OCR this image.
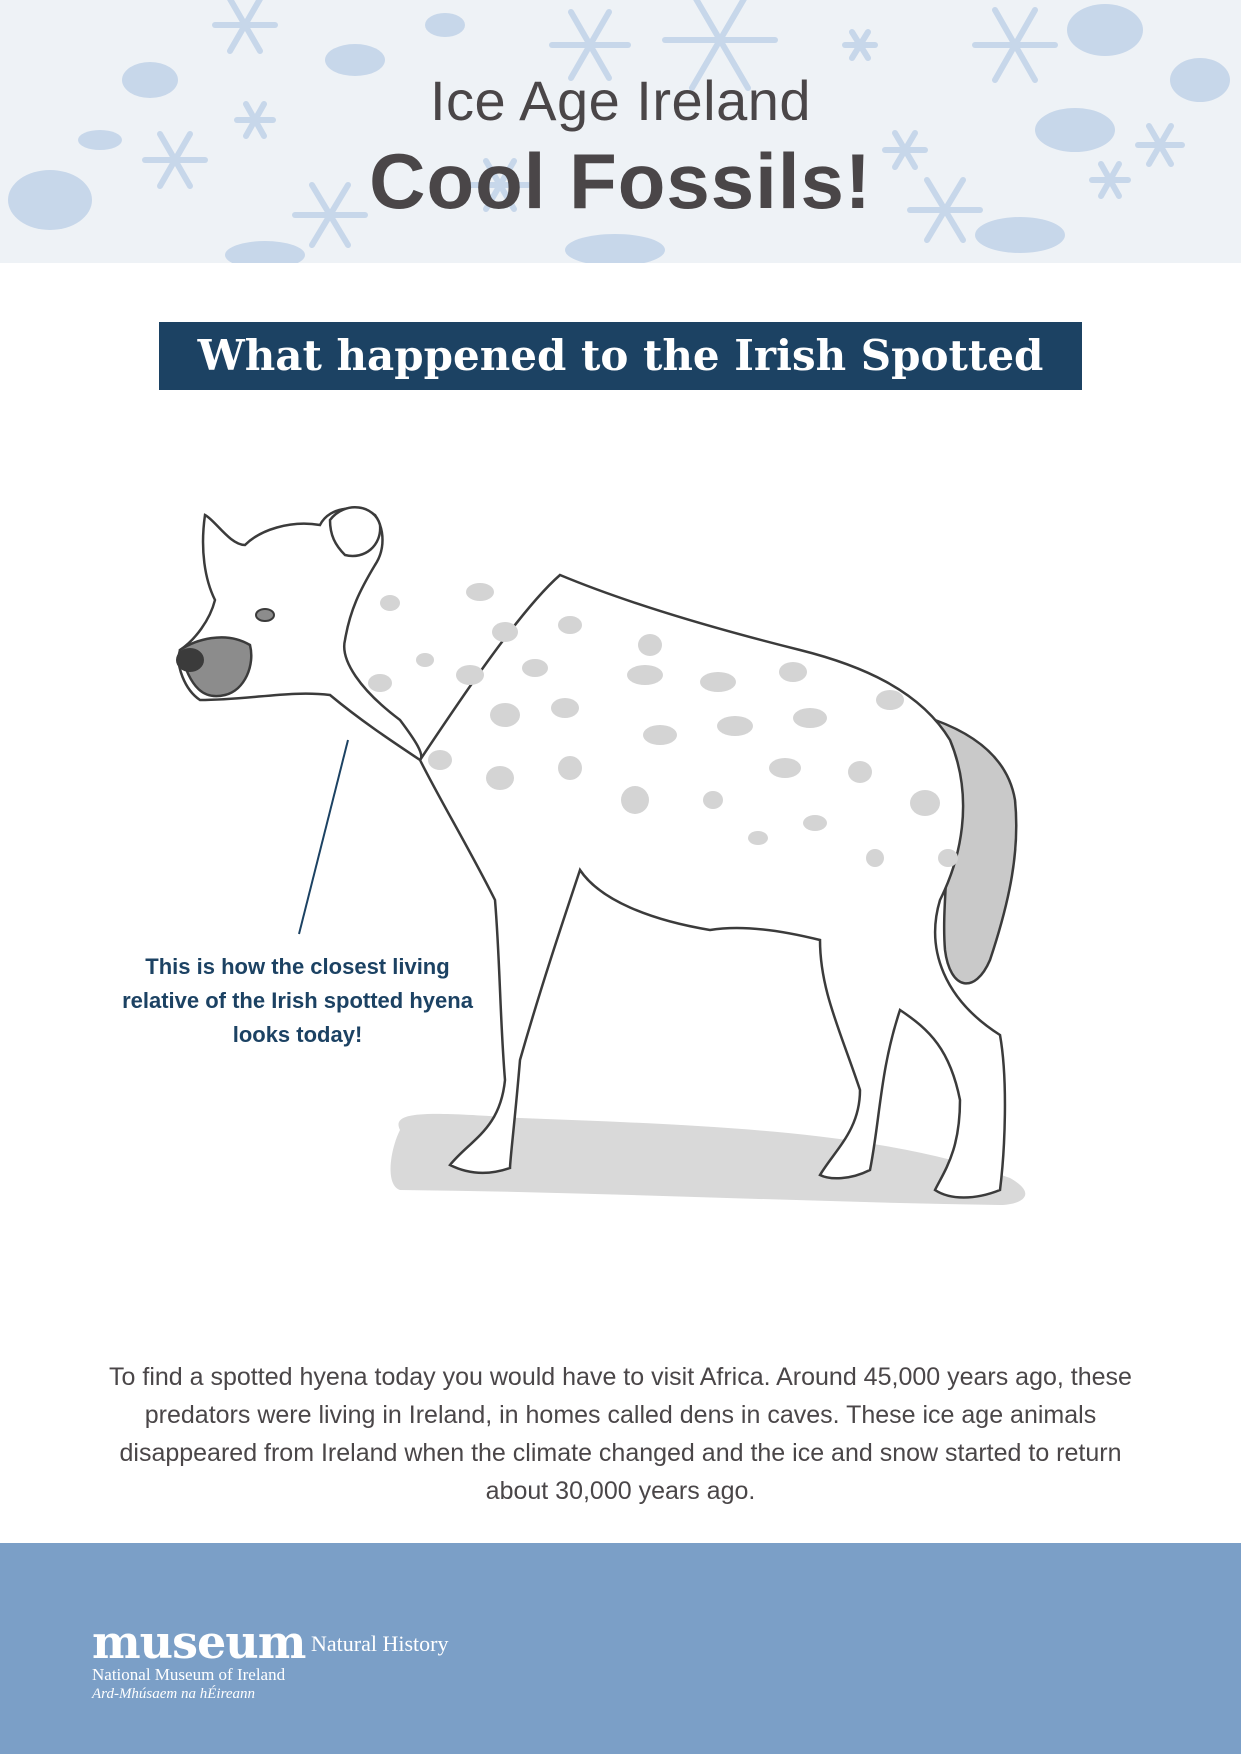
Ice Age Ireland
Cool Fossils!
What happened to the Irish Spotted Hyena?
This is how the closest living relative of the Irish spotted hyena looks today!
To find a spotted hyena today you would have to visit Africa. Around 45,000 years ago, these predators were living in Ireland, in homes called dens in caves. These ice age animals disappeared from Ireland when the climate changed and the ice and snow started to return about 30,000 years ago.
museum
National Museum of Ireland
Ard-Mhúsaem na hÉireann
Natural History
